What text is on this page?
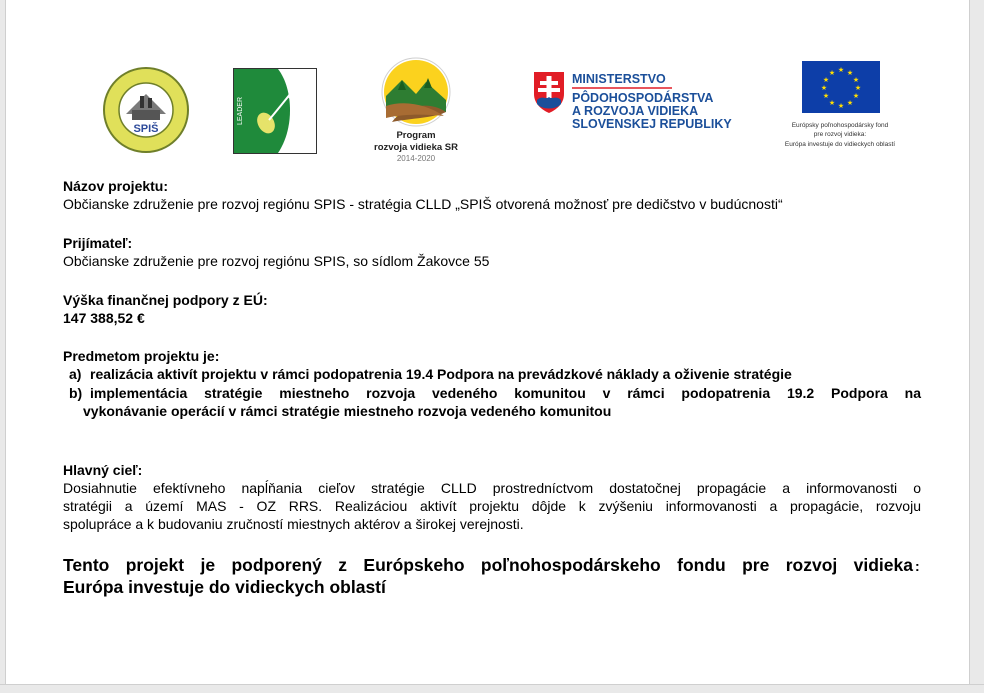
SPIŠ
LEADER
Program
rozvoja vidieka SR
2014-2020
MINISTERSTVO
PÔDOHOSPODÁRSTVA
A ROZVOJA VIDIEKA
SLOVENSKEJ REPUBLIKY
★ ★
★
★
★
★
★
★
★
★
★
★
Európsky poľnohospodársky fond
pre rozvoj vidieka:
Európa investuje do vidieckych oblastí
Názov projektu:
Občianske združenie pre rozvoj regiónu SPIS - stratégia CLLD „SPIŠ otvorená možnosť pre dedičstvo v budúcnosti“
Prijímateľ:
Občianske združenie pre rozvoj regiónu SPIS, so sídlom Žakovce 55
Výška finančnej podpory z EÚ:
147 388,52 €
Predmetom projektu je:
a) realizácia aktivít projektu v rámci podopatrenia 19.4 Podpora na prevádzkové náklady a oživenie stratégie
b) implementácia stratégie miestneho rozvoja vedeného komunitou v rámci podopatrenia 19.2 Podpora na
vykonávanie operácií v rámci stratégie miestneho rozvoja vedeného komunitou
Hlavný cieľ:
Dosiahnutie efektívneho napĺňania cieľov stratégie CLLD prostredníctvom dostatočnej propagácie a informovanosti o
stratégii a území MAS - OZ RRS. Realizáciou aktivít projektu dôjde k zvýšeniu informovanosti a propagácie, rozvoju
spolupráce a k budovaniu zručností miestnych aktérov a širokej verejnosti.
Tento projekt je podporený z Európskeho poľnohospodárskeho fondu pre rozvoj vidieka :
Európa investuje do vidieckych oblastí
